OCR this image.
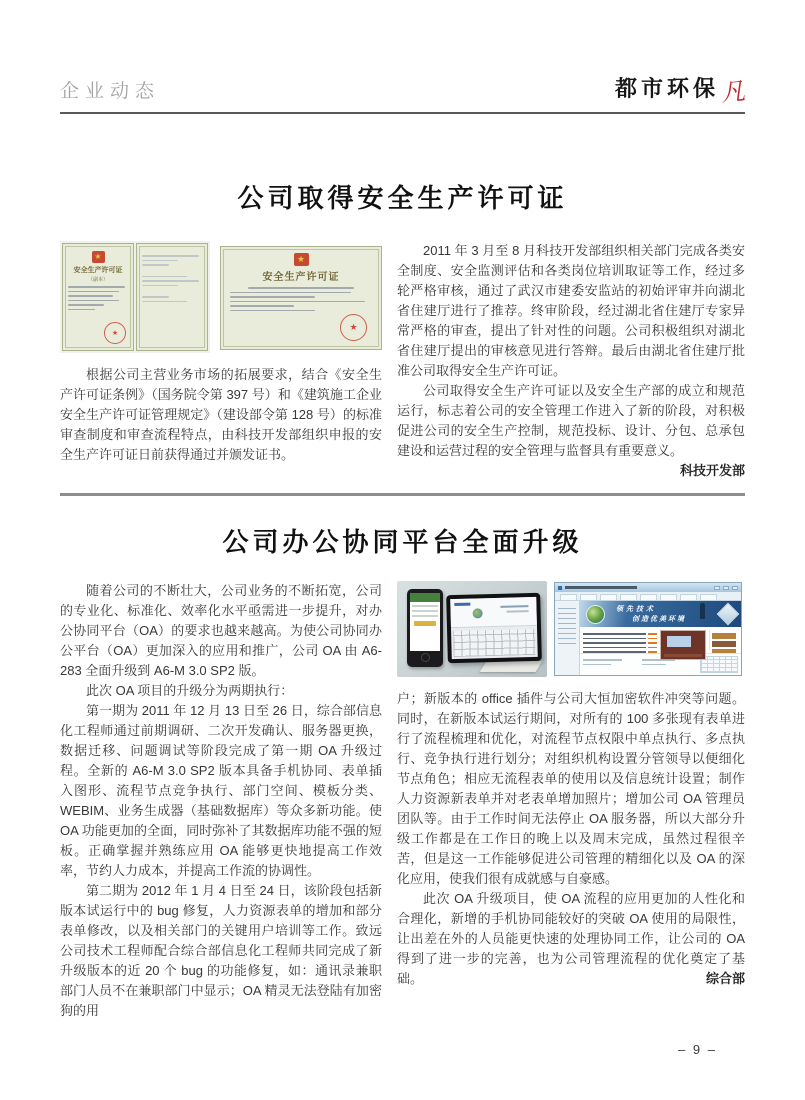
企业动态	都市环保 凡
公司取得安全生产许可证
★
安全生产许可证
（副本）
★
★
安全生产许可证
★

根据公司主营业务市场的拓展要求，结合《安全生产许可证条例》（国务院令第 397 号）和《建筑施工企业安全生产许可证管理规定》（建设部令第 128 号）的标准审查制度和审查流程特点，由科技开发部组织申报的安全生产许可证日前获得通过并颁发证书。

2011 年 3 月至 8 月科技开发部组织相关部门完成各类安全制度、安全监测评估和各类岗位培训取证等工作，经过多轮严格审核，通过了武汉市建委安监站的初始评审并向湖北省住建厅进行了推荐。终审阶段，经过湖北省住建厅专家异常严格的审查，提出了针对性的问题。公司积极组织对湖北省住建厅提出的审核意见进行答辩。最后由湖北省住建厅批准公司取得安全生产许可证。

公司取得安全生产许可证以及安全生产部的成立和规范运行，标志着公司的安全管理工作进入了新的阶段，对积极促进公司的安全生产控制，规范投标、设计、分包、总承包建设和运营过程的安全管理与监督具有重要意义。
科技开发部

公司办公协同平台全面升级

随着公司的不断壮大，公司业务的不断拓宽，公司的专业化、标准化、效率化水平亟需进一步提升，对办公协同平台（OA）的要求也越来越高。为使公司协同办公平台（OA）更加深入的应用和推广，公司 OA 由 A6-283 全面升级到 A6-M 3.0 SP2 版。

此次 OA 项目的升级分为两期执行：

第一期为 2011 年 12 月 13 日至 26 日，综合部信息化工程师通过前期调研、二次开发确认、服务器更换，数据迁移、问题调试等阶段完成了第一期 OA 升级过程。全新的 A6-M 3.0 SP2 版本具备手机协同、表单插入图形、流程节点竞争执行、部门空间、模板分类、WEBIM、业务生成器（基础数据库）等众多新功能。使 OA 功能更加的全面，同时弥补了其数据库功能不强的短板。正确掌握并熟练应用 OA 能够更快地提高工作效率，节约人力成本，并提高工作流的协调性。

第二期为 2012 年 1 月 4 日至 24 日，该阶段包括新版本试运行中的 bug 修复，人力资源表单的增加和部分表单修改，以及相关部门的关键用户培训等工作。致远公司技术工程师配合综合部信息化工程师共同完成了新升级版本的近 20 个 bug 的功能修复，如：通讯录兼职部门人员不在兼职部门中显示；OA 精灵无法登陆有加密狗的用

领先技术
创造优美环境

户；新版本的 office 插件与公司大恒加密软件冲突等问题。同时，在新版本试运行期间，对所有的 100 多张现有表单进行了流程梳理和优化，对流程节点权限中单点执行、多点执行、竞争执行进行划分；对组织机构设置分管领导以便细化节点角色；相应无流程表单的使用以及信息统计设置；制作人力资源新表单并对老表单增加照片；增加公司 OA 管理员团队等。由于工作时间无法停止 OA 服务器，所以大部分升级工作都是在工作日的晚上以及周末完成，虽然过程很辛苦，但是这一工作能够促进公司管理的精细化以及 OA 的深化应用，使我们很有成就感与自豪感。

此次 OA 升级项目，使 OA 流程的应用更加的人性化和合理化，新增的手机协同能较好的突破 OA 使用的局限性，让出差在外的人员能更快速的处理协同工作，让公司的 OA 得到了进一步的完善，也为公司管理流程的优化奠定了基础。	综合部

– 9 –
